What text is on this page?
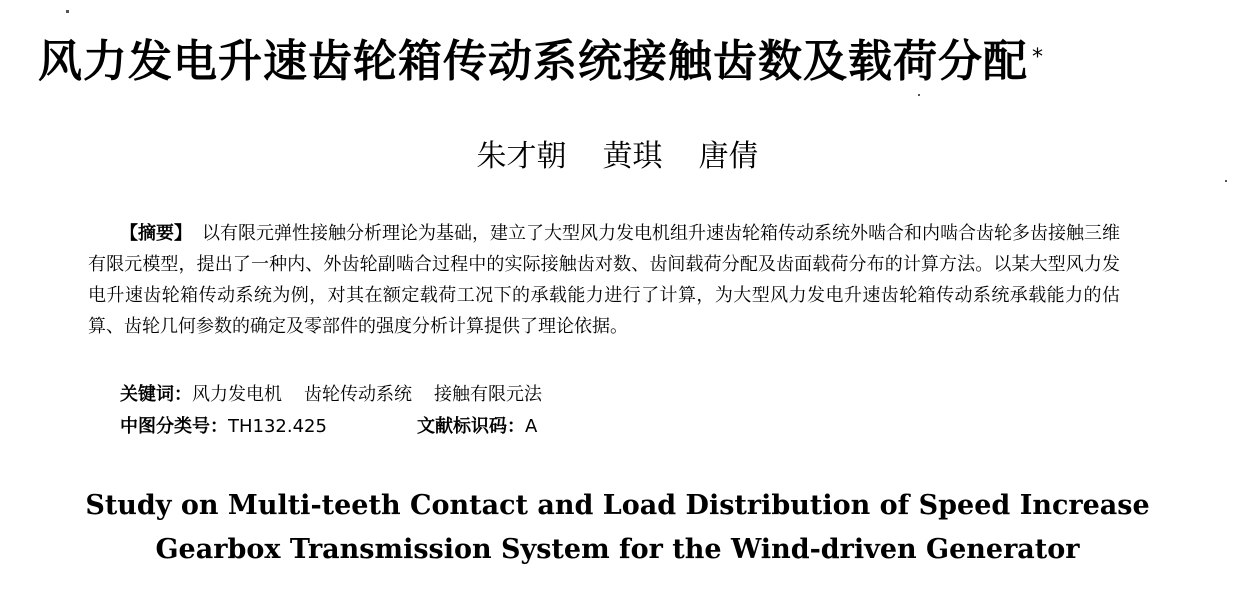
风力发电升速齿轮箱传动系统接触齿数及载荷分配 *
朱才朝 黄琪 唐倩

【摘要】 以有限元弹性接触分析理论为基础，建立了大型风力发电机组升速齿轮箱传动系统外啮合和内啮合齿轮多齿接触三维有限元模型，提出了一种内、外齿轮副啮合过程中的实际接触齿对数、齿间载荷分配及齿面载荷分布的计算方法。以某大型风力发电升速齿轮箱传动系统为例，对其在额定载荷工况下的承载能力进行了计算，为大型风力发电升速齿轮箱传动系统承载能力的估算、齿轮几何参数的确定及零部件的强度分析计算提供了理论依据。

关键词：风力发电机 齿轮传动系统 接触有限元法
中图分类号：TH132.425	文献标识码：A
Study on Multi-teeth Contact and Load Distribution of Speed Increase
Gearbox Transmission System for the Wind-driven Generator
